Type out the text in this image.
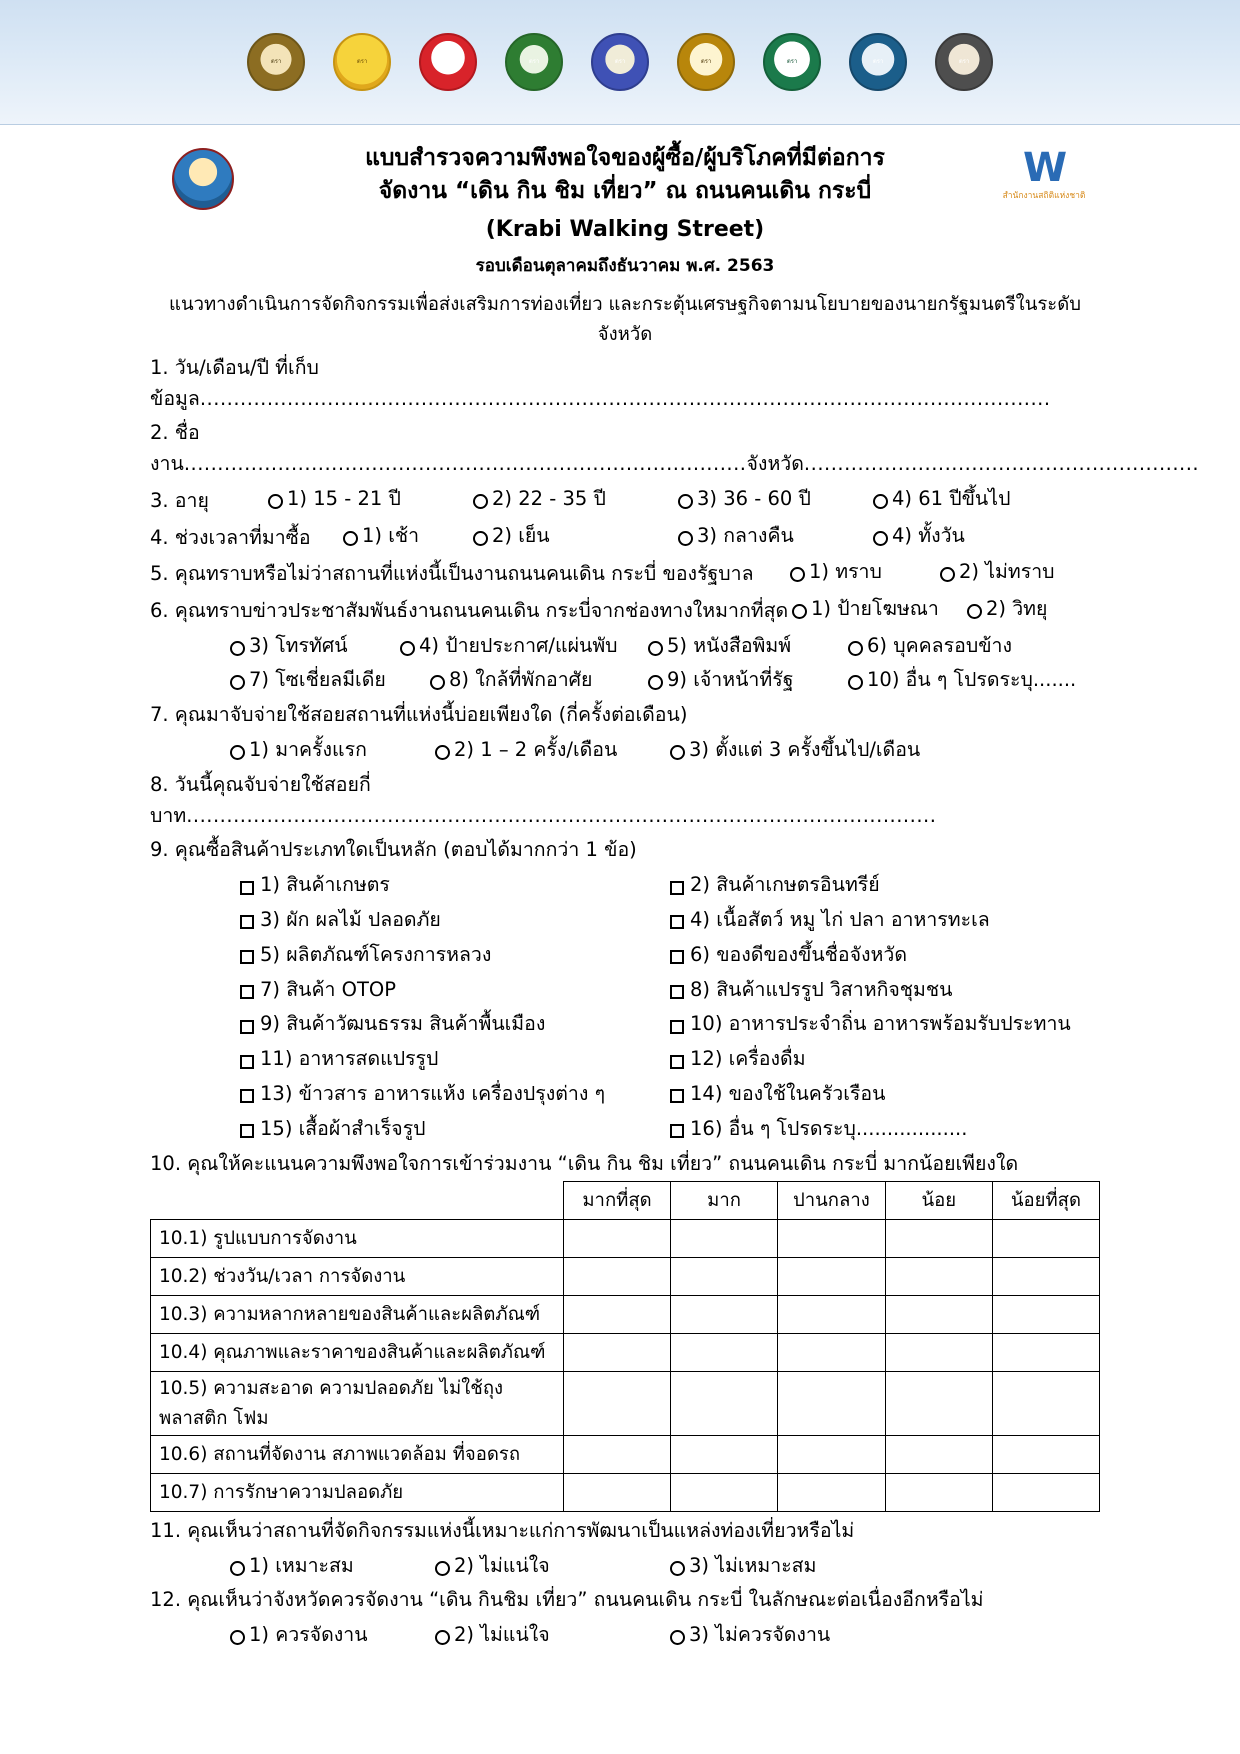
ตรา	ตรา	ตรา	ตรา	ตรา	ตรา	ตรา	ตรา	ตรา
W
สำนักงานสถิติแห่งชาติ
แบบสำรวจความพึงพอใจของผู้ซื้อ/ผู้บริโภคที่มีต่อการ
จัดงาน “เดิน กิน ชิม เที่ยว” ณ ถนนคนเดิน กระบี่
(Krabi Walking Street)
รอบเดือนตุลาคมถึงธันวาคม พ.ศ. 2563
แนวทางดำเนินการจัดกิจกรรมเพื่อส่งเสริมการท่องเที่ยว และกระตุ้นเศรษฐกิจตามนโยบายของนายกรัฐมนตรีในระดับจังหวัด
1. วัน/เดือน/ปี ที่เก็บข้อมูล...............................................................................................................................
2. ชื่องาน....................................................................................จังหวัด...........................................................
3. อายุ	1) 15 - 21 ปี	2) 22 - 35 ปี	3) 36 - 60 ปี	4) 61 ปีขึ้นไป
4. ช่วงเวลาที่มาซื้อ	1) เช้า	2) เย็น	3) กลางคืน	4) ทั้งวัน
5. คุณทราบหรือไม่ว่าสถานที่แห่งนี้เป็นงานถนนคนเดิน กระบี่ ของรัฐบาล	1) ทราบ	2) ไม่ทราบ
6. คุณทราบข่าวประชาสัมพันธ์งานถนนคนเดิน กระบี่จากช่องทางใหมากที่สุด 1) ป้ายโฆษณา 2) วิทยุ
3) โทรทัศน์	4) ป้ายประกาศ/แผ่นพับ	5) หนังสือพิมพ์	6) บุคคลรอบข้าง
7) โซเชี่ยลมีเดีย	8) ใกล้ที่พักอาศัย	9) เจ้าหน้าที่รัฐ	10) อื่น ๆ โปรดระบุ.......
7. คุณมาจับจ่ายใช้สอยสถานที่แห่งนี้บ่อยเพียงใด (กี่ครั้งต่อเดือน)
1) มาครั้งแรก	2) 1 – 2 ครั้ง/เดือน	3) ตั้งแต่ 3 ครั้งขึ้นไป/เดือน
8. วันนี้คุณจับจ่ายใช้สอยกี่บาท................................................................................................................
9. คุณซื้อสินค้าประเภทใดเป็นหลัก (ตอบได้มากกว่า 1 ข้อ)
1) สินค้าเกษตร	2) สินค้าเกษตรอินทรีย์
3) ผัก ผลไม้ ปลอดภัย	4) เนื้อสัตว์ หมู ไก่ ปลา อาหารทะเล
5) ผลิตภัณฑ์โครงการหลวง	6) ของดีของขึ้นชื่อจังหวัด
7) สินค้า OTOP	8) สินค้าแปรรูป วิสาหกิจชุมชน
9) สินค้าวัฒนธรรม สินค้าพื้นเมือง	10) อาหารประจำถิ่น อาหารพร้อมรับประทาน
11) อาหารสดแปรรูป	12) เครื่องดื่ม
13) ข้าวสาร อาหารแห้ง เครื่องปรุงต่าง ๆ	14) ของใช้ในครัวเรือน
15) เสื้อผ้าสำเร็จรูป	16) อื่น ๆ โปรดระบุ..................
10. คุณให้คะแนนความพึงพอใจการเข้าร่วมงาน “เดิน กิน ชิม เที่ยว” ถนนคนเดิน กระบี่ มากน้อยเพียงใด
	มากที่สุด	มาก	ปานกลาง	น้อย	น้อยที่สุด
10.1) รูปแบบการจัดงาน					
10.2) ช่วงวัน/เวลา การจัดงาน					
10.3) ความหลากหลายของสินค้าและผลิตภัณฑ์					
10.4) คุณภาพและราคาของสินค้าและผลิตภัณฑ์					
10.5) ความสะอาด ความปลอดภัย ไม่ใช้ถุงพลาสติก โฟม					
10.6) สถานที่จัดงาน สภาพแวดล้อม ที่จอดรถ					
10.7) การรักษาความปลอดภัย					
11. คุณเห็นว่าสถานที่จัดกิจกรรมแห่งนี้เหมาะแก่การพัฒนาเป็นแหล่งท่องเที่ยวหรือไม่
1) เหมาะสม	2) ไม่แน่ใจ	3) ไม่เหมาะสม
12. คุณเห็นว่าจังหวัดควรจัดงาน “เดิน กินชิม เที่ยว” ถนนคนเดิน กระบี่ ในลักษณะต่อเนื่องอีกหรือไม่
1) ควรจัดงาน	2) ไม่แน่ใจ	3) ไม่ควรจัดงาน
